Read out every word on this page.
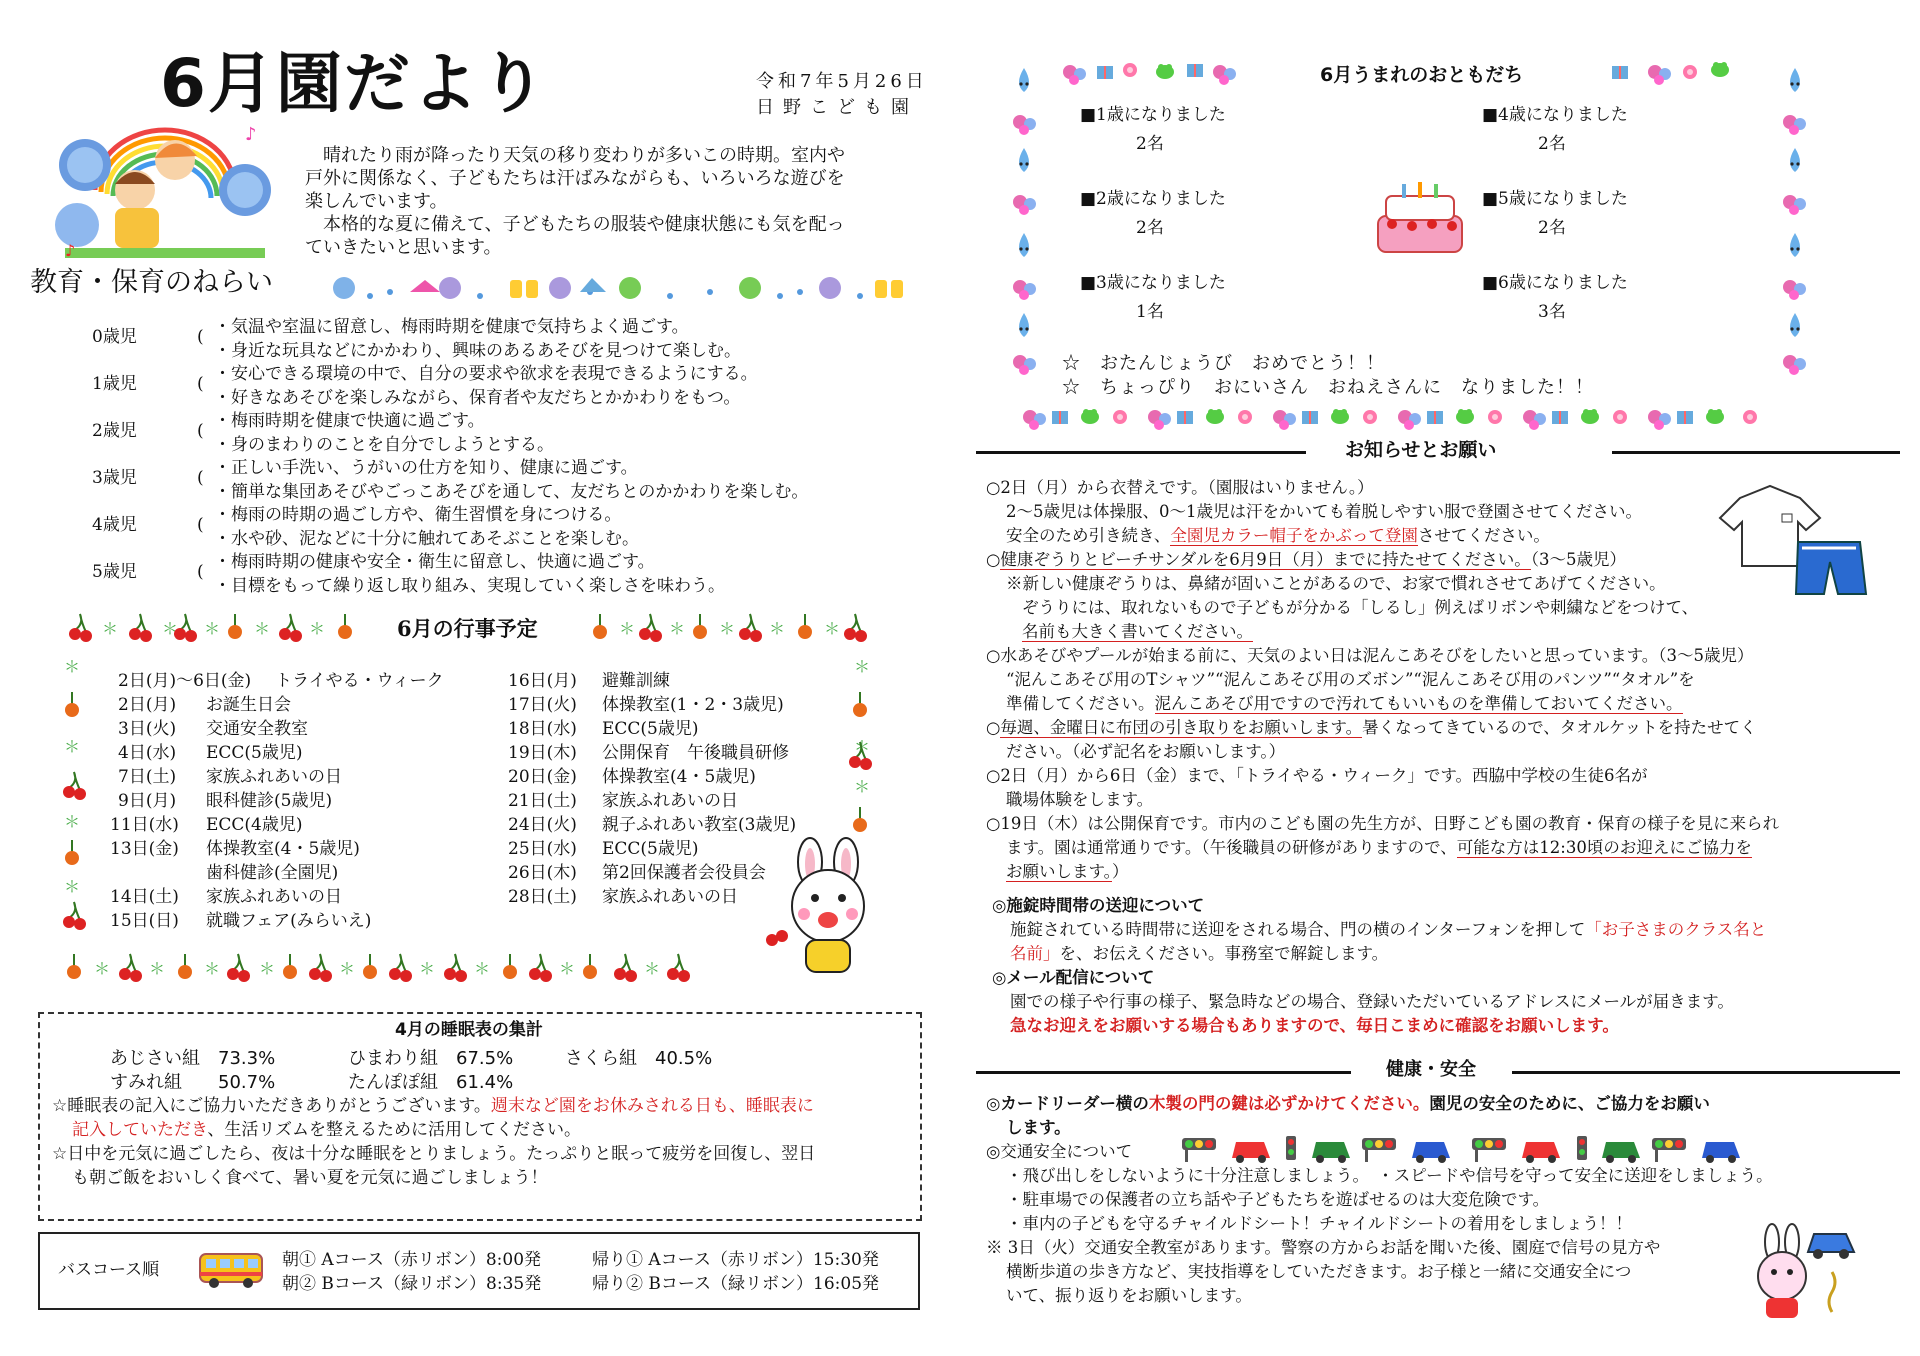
6月園だより	令和7年5月26日
日野こども園
♪
♪
　晴れたり雨が降ったり天気の移り変わりが多いこの時期。室内や
戸外に関係なく、子どもたちは汗ばみながらも、いろいろな遊びを
楽しんでいます。
　本格的な夏に備えて、子どもたちの服装や健康状態にも気を配っ
ていきたいと思います。
教育・保育のねらい
0歳児	( ・気温や室温に留意し、梅雨時期を健康で気持ちよく過ごす。
・身近な玩具などにかかわり、興味のあるあそびを見つけて楽しむ。
1歳児	( ・安心できる環境の中で、自分の要求や欲求を表現できるようにする。
・好きなあそびを楽しみながら、保育者や友だちとかかわりをもつ。
2歳児	( ・梅雨時期を健康で快適に過ごす。
・身のまわりのことを自分でしようとする。
3歳児	( ・正しい手洗い、うがいの仕方を知り、健康に過ごす。
・簡単な集団あそびやごっこあそびを通して、友だちとのかかわりを楽しむ。
4歳児	( ・梅雨の時期の過ごし方や、衛生習慣を身につける。
・水や砂、泥などに十分に触れてあそぶことを楽しむ。
5歳児	( ・梅雨時期の健康や安全・衛生に留意し、快適に過ごす。
・目標をもって繰り返し取り組み、実現していく楽しさを味わう。
＊
6月の行事予定
2日(月)～6日(金) トライやる・ウィーク
2日(月) お誕生日会
3日(火) 交通安全教室
4日(水) ECC(5歳児)
7日(土) 家族ふれあいの日
9日(月) 眼科健診(5歳児)
11日(水) ECC(4歳児)
13日(金) 体操教室(4・5歳児)
歯科健診(全園児)
14日(土) 家族ふれあいの日
15日(日) 就職フェア(みらいえ)
16日(月) 避難訓練
17日(火) 体操教室(1・2・3歳児)
18日(水) ECC(5歳児)
19日(木) 公開保育　午後職員研修
20日(金) 体操教室(4・5歳児)
21日(土) 家族ふれあいの日
24日(火) 親子ふれあい教室(3歳児)
25日(水) ECC(5歳児)
26日(木) 第2回保護者会役員会
28日(土) 家族ふれあいの日
4月の睡眠表の集計
あじさい組　73.3%	ひまわり組　67.5%	さくら組　40.5%
すみれ組　　50.7%	たんぽぽ組　61.4%
☆睡眠表の記入にご協力いただきありがとうございます。週末など園をお休みされる日も、睡眠表に
記入していただき、生活リズムを整えるために活用してください。
☆日中を元気に過ごしたら、夜は十分な睡眠をとりましょう。たっぷりと眠って疲労を回復し、翌日
も朝ご飯をおいしく食べて、暑い夏を元気に過ごしましょう！
バスコース順	朝① Aコース（赤リボン）8:00発
朝② Bコース（緑リボン）8:35発
帰り① Aコース（赤リボン）15:30発
帰り② Bコース（緑リボン）16:05発
6月うまれのおともだち
■1歳になりました
2名
■2歳になりました
2名
■3歳になりました
1名
■4歳になりました
2名
■5歳になりました
2名
■6歳になりました
3名
☆　おたんじょうび　おめでとう！！
☆　ちょっぴり　おにいさん　おねえさんに　なりました！！
お知らせとお願い
○2日（月）から衣替えです。（園服はいりません。）
2～5歳児は体操服、0～1歳児は汗をかいても着脱しやすい服で登園させてください。
安全のため引き続き、全園児カラー帽子をかぶって登園させてください。
○健康ぞうりとビーチサンダルを6月9日（月）までに持たせてください。（3～5歳児）
※新しい健康ぞうりは、鼻緒が固いことがあるので、お家で慣れさせてあげてください。
ぞうりには、取れないもので子どもが分かる「しるし」例えばリボンや刺繍などをつけて、
名前も大きく書いてください。
○水あそびやプールが始まる前に、天気のよい日は泥んこあそびをしたいと思っています。（3～5歳児）
“泥んこあそび用のTシャツ”“泥んこあそび用のズボン”“泥んこあそび用のパンツ”“タオル”を
準備してください。泥んこあそび用ですので汚れてもいいものを準備しておいてください。
○毎週、金曜日に布団の引き取りをお願いします。暑くなってきているので、タオルケットを持たせてく
ださい。（必ず記名をお願いします。）
○2日（月）から6日（金）まで、「トライやる・ウィーク」です。西脇中学校の生徒6名が
職場体験をします。
○19日（木）は公開保育です。市内のこども園の先生方が、日野こども園の教育・保育の様子を見に来られ
ます。園は通常通りです。（午後職員の研修がありますので、可能な方は12:30頃のお迎えにご協力を
お願いします。）
◎施錠時間帯の送迎について
施錠されている時間帯に送迎をされる場合、門の横のインターフォンを押して「お子さまのクラス名と
名前」を、お伝えください。事務室で解錠します。
◎メール配信について
園での様子や行事の様子、緊急時などの場合、登録いただいているアドレスにメールが届きます。
急なお迎えをお願いする場合もありますので、毎日こまめに確認をお願いします。
健康・安全
◎カードリーダー横の木製の門の鍵は必ずかけてください。園児の安全のために、ご協力をお願い
します。
◎交通安全について
・飛び出しをしないように十分注意しましょう。　・スピードや信号を守って安全に送迎をしましょう。
・駐車場での保護者の立ち話や子どもたちを遊ばせるのは大変危険です。
・車内の子どもを守るチャイルドシート！チャイルドシートの着用をしましょう！！
※ 3日（火）交通安全教室があります。警察の方からお話を聞いた後、園庭で信号の見方や
横断歩道の歩き方など、実技指導をしていただきます。お子様と一緒に交通安全につ
いて、振り返りをお願いします。
